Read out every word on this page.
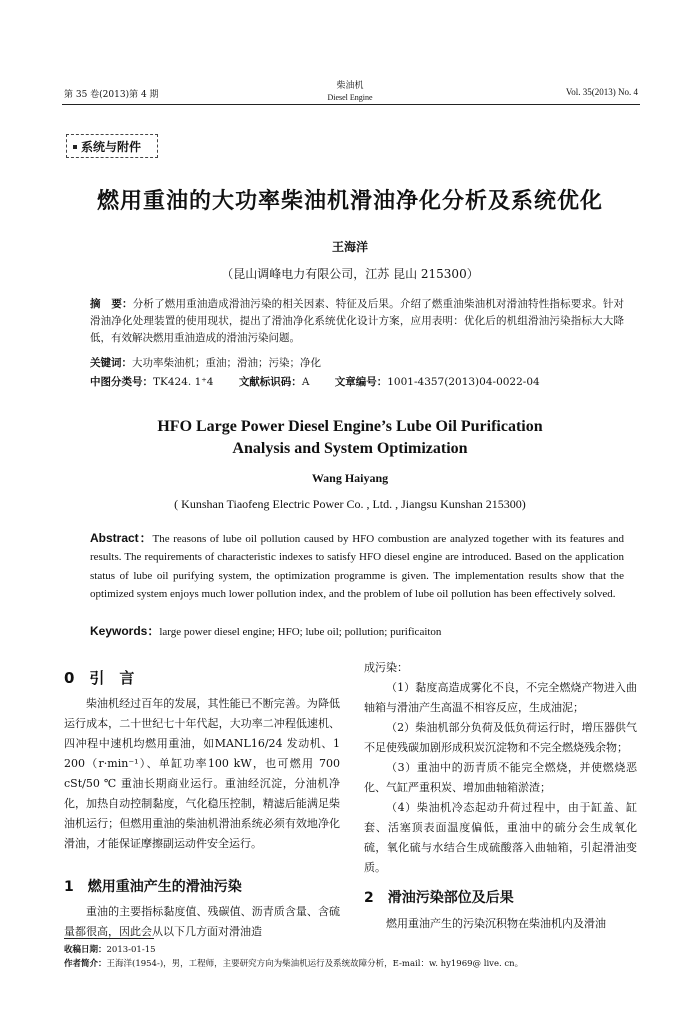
第 35 卷(2013)第 4 期
柴油机
Diesel Engine
Vol. 35(2013) No. 4
系统与附件
燃用重油的大功率柴油机滑油净化分析及系统优化
王海洋
（昆山调峰电力有限公司，江苏 昆山 215300）
摘　要：分析了燃用重油造成滑油污染的相关因素、特征及后果。介绍了燃重油柴油机对滑油特性指标要求。针对滑油净化处理装置的使用现状，提出了滑油净化系统优化设计方案，应用表明：优化后的机组滑油污染指标大大降低，有效解决燃用重油造成的滑油污染问题。
关键词：大功率柴油机；重油；滑油；污染；净化
中图分类号：TK424. 1⁺4 文献标识码：A 文章编号：1001-4357(2013)04-0022-04
HFO Large Power Diesel Engine’s Lube Oil Purification
Analysis and System Optimization
Wang Haiyang
( Kunshan Tiaofeng Electric Power Co. , Ltd. , Jiangsu Kunshan 215300)
Abstract：The reasons of lube oil pollution caused by HFO combustion are analyzed together with its features and results. The requirements of characteristic indexes to satisfy HFO diesel engine are introduced. Based on the application status of lube oil purifying system, the optimization programme is given. The implementation results show that the optimized system enjoys much lower pollution index, and the problem of lube oil pollution has been effectively solved.
Keywords：large power diesel engine; HFO; lube oil; pollution; purificaiton
0　引　言

柴油机经过百年的发展，其性能已不断完善。为降低运行成本，二十世纪七十年代起，大功率二冲程低速机、四冲程中速机均燃用重油，如MANL16/24 发动机、1 200（r·min⁻¹）、单缸功率100 kW，也可燃用 700 cSt/50 ℃ 重油长期商业运行。重油经沉淀，分油机净化，加热自动控制黏度，气化稳压控制，精滤后能满足柴油机运行；但燃用重油的柴油机滑油系统必须有效地净化滑油，才能保证摩擦副运动件安全运行。

1　燃用重油产生的滑油污染

重油的主要指标黏度值、残碳值、沥青质含量、含硫量都很高，因此会从以下几方面对滑油造

成污染：

（1）黏度高造成雾化不良，不完全燃烧产物进入曲轴箱与滑油产生高温不相容反应，生成油泥；

（2）柴油机部分负荷及低负荷运行时，增压器供气不足使残碳加剧形成积炭沉淀物和不完全燃烧残余物；

（3）重油中的沥青质不能完全燃烧，并使燃烧恶化、气缸严重积炭、增加曲轴箱淤渣；

（4）柴油机冷态起动升荷过程中，由于缸盖、缸套、活塞顶表面温度偏低，重油中的硫分会生成氧化硫，氧化硫与水结合生成硫酸落入曲轴箱，引起滑油变质。

2　滑油污染部位及后果

燃用重油产生的污染沉积物在柴油机内及滑油

收稿日期：2013-01-15
作者简介：王海洋(1954-)，男，工程师，主要研究方向为柴油机运行及系统故障分析，E-mail：w. hy1969@ live. cn。
